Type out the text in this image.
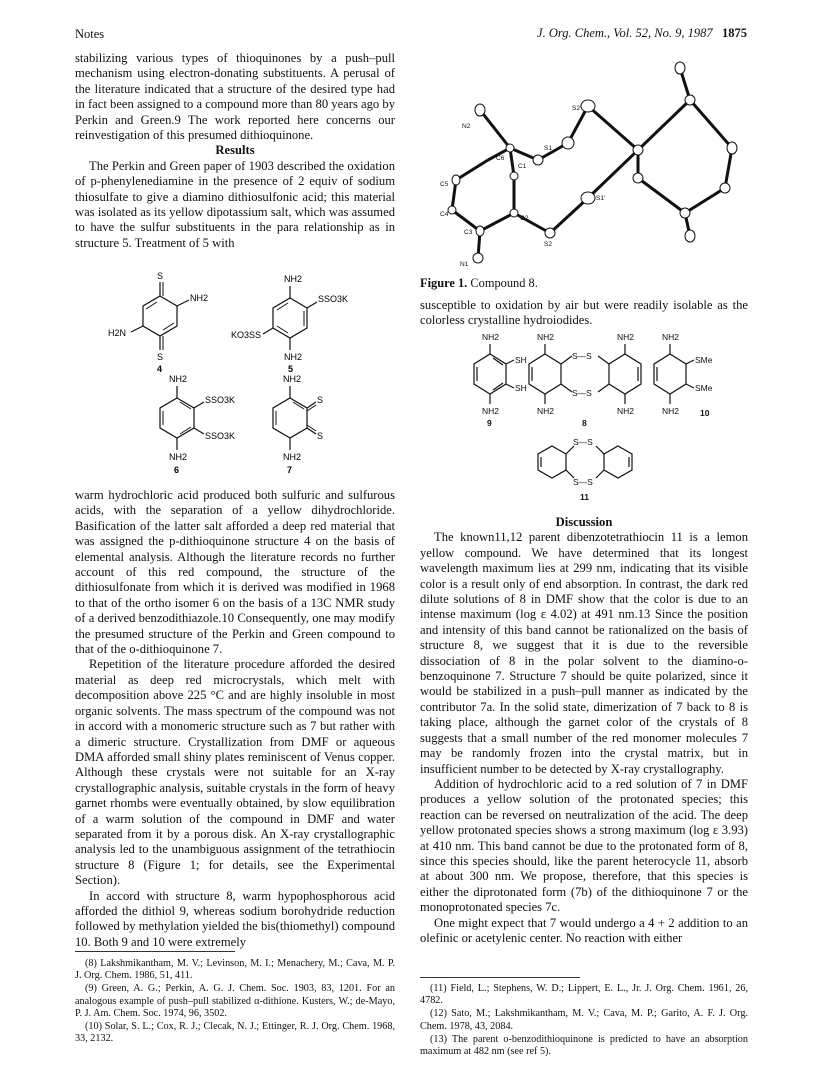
Notes	J. Org. Chem., Vol. 52, No. 9, 1987 1875

stabilizing various types of thioquinones by a push–pull mechanism using electron-donating substituents. A perusal of the literature indicated that a structure of the desired type had in fact been assigned to a compound more than 80 years ago by Perkin and Green.9 The work reported here concerns our reinvestigation of this presumed dithioquinone.

Results

The Perkin and Green paper of 1903 described the oxidation of p-phenylenediamine in the presence of 2 equiv of sodium thiosulfate to give a diamino dithiosulfonic acid; this material was isolated as its yellow dipotassium salt, which was assumed to have the sulfur substituents in the para relationship as in structure 5. Treatment of 5 with

S
NH2
H2N
S
4
NH2
SSO3K
KO3SS
NH2
5
NH2
SSO3K
SSO3K
NH2
6
NH2
S
S
NH2
7

warm hydrochloric acid produced both sulfuric and sulfurous acids, with the separation of a yellow dihydrochloride. Basification of the latter salt afforded a deep red material that was assigned the p-dithioquinone structure 4 on the basis of elemental analysis. Although the literature records no further account of this red compound, the structure of the dithiosulfonate from which it is derived was modified in 1968 to that of the ortho isomer 6 on the basis of a 13C NMR study of a derived benzodithiazole.10 Consequently, one may modify the presumed structure of the Perkin and Green compound to that of the o-dithioquinone 7.

Repetition of the literature procedure afforded the desired material as deep red microcrystals, which melt with decomposition above 225 °C and are highly insoluble in most organic solvents. The mass spectrum of the compound was not in accord with a monomeric structure such as 7 but rather with a dimeric structure. Crystallization from DMF or aqueous DMA afforded small shiny plates reminiscent of Venus copper. Although these crystals were not suitable for an X-ray crystallographic analysis, suitable crystals in the form of heavy garnet rhombs were eventually obtained, by slow equilibration of a warm solution of the compound in DMF and water separated from it by a porous disk. An X-ray crystallographic analysis led to the unambiguous assignment of the tetrathiocin structure 8 (Figure 1; for details, see the Experimental Section).

In accord with structure 8, warm hypophosphorous acid afforded the dithiol 9, whereas sodium borohydride reduction followed by methylation yielded the bis(thiomethyl) compound 10. Both 9 and 10 were extremely

S2'
N2
S1
C6
C1
C5
C4
C2
C3
N1
S1'
S2
Figure 1. Compound 8.

susceptible to oxidation by air but were readily isolable as the colorless crystalline hydroiodides.

NH2
SH
SH
NH2
9
NH2	NH2
NH2	NH2
S—S
S—S
8
NH2
SMe
SMe
NH2 10
S—S
S—S
11

Discussion

The known11,12 parent dibenzotetrathiocin 11 is a lemon yellow compound. We have determined that its longest wavelength maximum lies at 299 nm, indicating that its visible color is a result only of end absorption. In contrast, the dark red dilute solutions of 8 in DMF show that the color is due to an intense maximum (log ε 4.02) at 491 nm.13 Since the position and intensity of this band cannot be rationalized on the basis of structure 8, we suggest that it is due to the reversible dissociation of 8 in the polar solvent to the diamino-o-benzoquinone 7. Structure 7 should be quite polarized, since it would be stabilized in a push–pull manner as indicated by the contributor 7a. In the solid state, dimerization of 7 back to 8 is taking place, although the garnet color of the crystals of 8 suggests that a small number of the red monomer molecules 7 may be randomly frozen into the crystal matrix, but in insufficient number to be detected by X-ray crystallography.

Addition of hydrochloric acid to a red solution of 7 in DMF produces a yellow solution of the protonated species; this reaction can be reversed on neutralization of the acid. The deep yellow protonated species shows a strong maximum (log ε 3.93) at 410 nm. This band cannot be due to the protonated form of 8, since this species should, like the parent heterocycle 11, absorb at about 300 nm. We propose, therefore, that this species is either the diprotonated form (7b) of the dithioquinone 7 or the monoprotonated species 7c.

One might expect that 7 would undergo a 4 + 2 addition to an olefinic or acetylenic center. No reaction with either

(8) Lakshmikantham, M. V.; Levinson, M. I.; Menachery, M.; Cava, M. P. J. Org. Chem. 1986, 51, 411.

(9) Green, A. G.; Perkin, A. G. J. Chem. Soc. 1903, 83, 1201. For an analogous example of push–pull stabilized α-dithione. Kusters, W.; de-Mayo, P. J. Am. Chem. Soc. 1974, 96, 3502.

(10) Solar, S. L.; Cox, R. J.; Clecak, N. J.; Ettinger, R. J. Org. Chem. 1968, 33, 2132.

(11) Field, L.; Stephens, W. D.; Lippert, E. L., Jr. J. Org. Chem. 1961, 26, 4782.

(12) Sato, M.; Lakshmikantham, M. V.; Cava, M. P.; Garito, A. F. J. Org. Chem. 1978, 43, 2084.

(13) The parent o-benzodithioquinone is predicted to have an absorption maximum at 482 nm (see ref 5).
